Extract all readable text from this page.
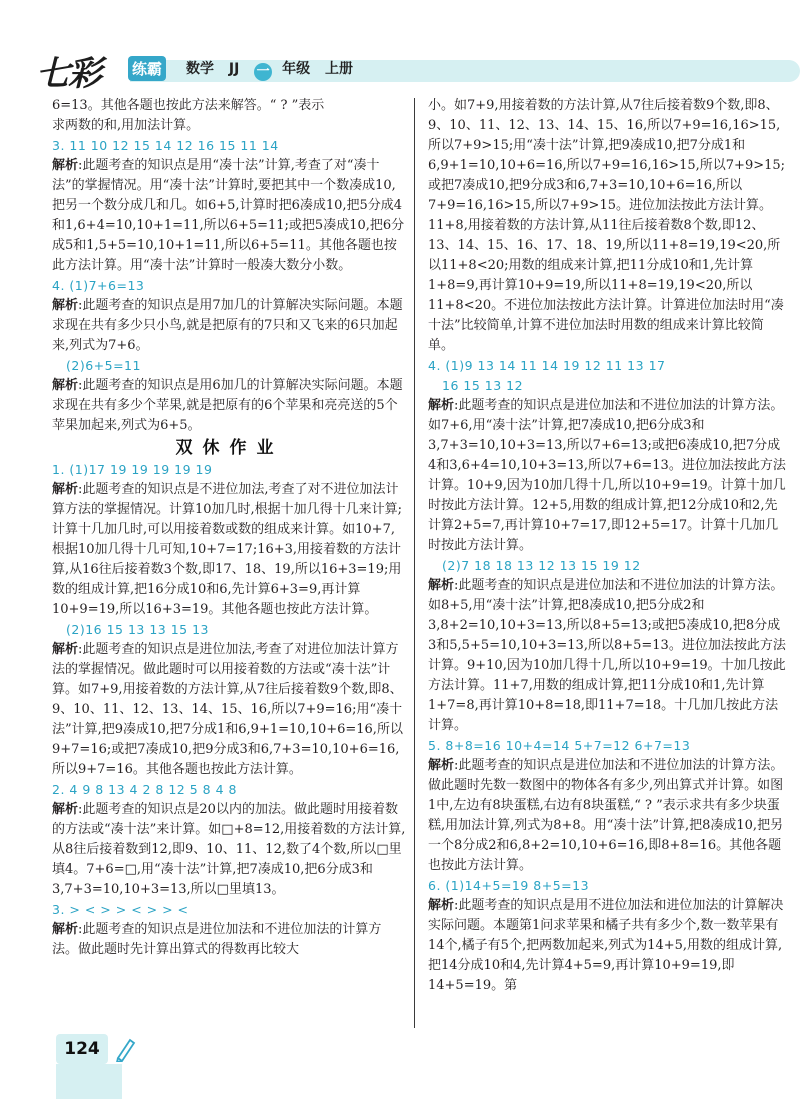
七彩 练霸 数学 JJ 一 年级 上册

6=13。其他各题也按此方法来解答。“ ? ”表示

求两数的和,用加法计算。

3. 11 10 12 15 14 12 16 15 11 14

解析:此题考查的知识点是用“凑十法”计算,考查了对“凑十法”的掌握情况。用“凑十法”计算时,要把其中一个数凑成10,把另一个数分成几和几。如6+5,计算时把6凑成10,把5分成4和1,6+4=10,10+1=11,所以6+5=11;或把5凑成10,把6分成5和1,5+5=10,10+1=11,所以6+5=11。其他各题也按此方法计算。用“凑十法”计算时一般凑大数分小数。

4. (1)7+6=13

解析:此题考查的知识点是用7加几的计算解决实际问题。本题求现在共有多少只小鸟,就是把原有的7只和又飞来的6只加起来,列式为7+6。

(2)6+5=11

解析:此题考查的知识点是用6加几的计算解决实际问题。本题求现在共有多少个苹果,就是把原有的6个苹果和亮亮送的5个苹果加起来,列式为6+5。

双休作业

1. (1)17 19 19 19 19 19

解析:此题考查的知识点是不进位加法,考查了对不进位加法计算方法的掌握情况。计算10加几时,根据十加几得十几来计算;计算十几加几时,可以用接着数或数的组成来计算。如10+7,根据10加几得十几可知,10+7=17;16+3,用接着数的方法计算,从16往后接着数3个数,即17、18、19,所以16+3=19;用数的组成计算,把16分成10和6,先计算6+3=9,再计算10+9=19,所以16+3=19。其他各题也按此方法计算。

(2)16 15 13 13 15 13

解析:此题考查的知识点是进位加法,考查了对进位加法计算方法的掌握情况。做此题时可以用接着数的方法或“凑十法”计算。如7+9,用接着数的方法计算,从7往后接着数9个数,即8、9、10、11、12、13、14、15、16,所以7+9=16;用“凑十法”计算,把9凑成10,把7分成1和6,9+1=10,10+6=16,所以9+7=16;或把7凑成10,把9分成3和6,7+3=10,10+6=16,所以9+7=16。其他各题也按此方法计算。

2. 4 9 8 13 4 2 8 12 5 8 4 8

解析:此题考查的知识点是20以内的加法。做此题时用接着数的方法或“凑十法”来计算。如□+8=12,用接着数的方法计算,从8往后接着数到12,即9、10、11、12,数了4个数,所以□里填4。7+6=□,用“凑十法”计算,把7凑成10,把6分成3和3,7+3=10,10+3=13,所以□里填13。

3. > < > > < > > <

解析:此题考查的知识点是进位加法和不进位加法的计算方法。做此题时先计算出算式的得数再比较大

小。如7+9,用接着数的方法计算,从7往后接着数9个数,即8、9、10、11、12、13、14、15、16,所以7+9=16,16>15,所以7+9>15;用“凑十法”计算,把9凑成10,把7分成1和6,9+1=10,10+6=16,所以7+9=16,16>15,所以7+9>15;或把7凑成10,把9分成3和6,7+3=10,10+6=16,所以7+9=16,16>15,所以7+9>15。进位加法按此方法计算。11+8,用接着数的方法计算,从11往后接着数8个数,即12、13、14、15、16、17、18、19,所以11+8=19,19<20,所以11+8<20;用数的组成来计算,把11分成10和1,先计算1+8=9,再计算10+9=19,所以11+8=19,19<20,所以11+8<20。不进位加法按此方法计算。计算进位加法时用“凑十法”比较简单,计算不进位加法时用数的组成来计算比较简单。

4. (1)9 13 14 11 14 19 12 11 13 17

16 15 13 12

解析:此题考查的知识点是进位加法和不进位加法的计算方法。如7+6,用“凑十法”计算,把7凑成10,把6分成3和3,7+3=10,10+3=13,所以7+6=13;或把6凑成10,把7分成4和3,6+4=10,10+3=13,所以7+6=13。进位加法按此方法计算。10+9,因为10加几得十几,所以10+9=19。计算十加几时按此方法计算。12+5,用数的组成计算,把12分成10和2,先计算2+5=7,再计算10+7=17,即12+5=17。计算十几加几时按此方法计算。

(2)7 18 18 13 12 13 15 19 12

解析:此题考查的知识点是进位加法和不进位加法的计算方法。如8+5,用“凑十法”计算,把8凑成10,把5分成2和3,8+2=10,10+3=13,所以8+5=13;或把5凑成10,把8分成3和5,5+5=10,10+3=13,所以8+5=13。进位加法按此方法计算。9+10,因为10加几得十几,所以10+9=19。十加几按此方法计算。11+7,用数的组成计算,把11分成10和1,先计算1+7=8,再计算10+8=18,即11+7=18。十几加几按此方法计算。

5. 8+8=16 10+4=14 5+7=12 6+7=13

解析:此题考查的知识点是进位加法和不进位加法的计算方法。做此题时先数一数图中的物体各有多少,列出算式并计算。如图1中,左边有8块蛋糕,右边有8块蛋糕,“ ? ”表示求共有多少块蛋糕,用加法计算,列式为8+8。用“凑十法”计算,把8凑成10,把另一个8分成2和6,8+2=10,10+6=16,即8+8=16。其他各题也按此方法计算。

6. (1)14+5=19 8+5=13

解析:此题考查的知识点是用不进位加法和进位加法的计算解决实际问题。本题第1问求苹果和橘子共有多少个,数一数苹果有14个,橘子有5个,把两数加起来,列式为14+5,用数的组成计算,把14分成10和4,先计算4+5=9,再计算10+9=19,即14+5=19。第

124
